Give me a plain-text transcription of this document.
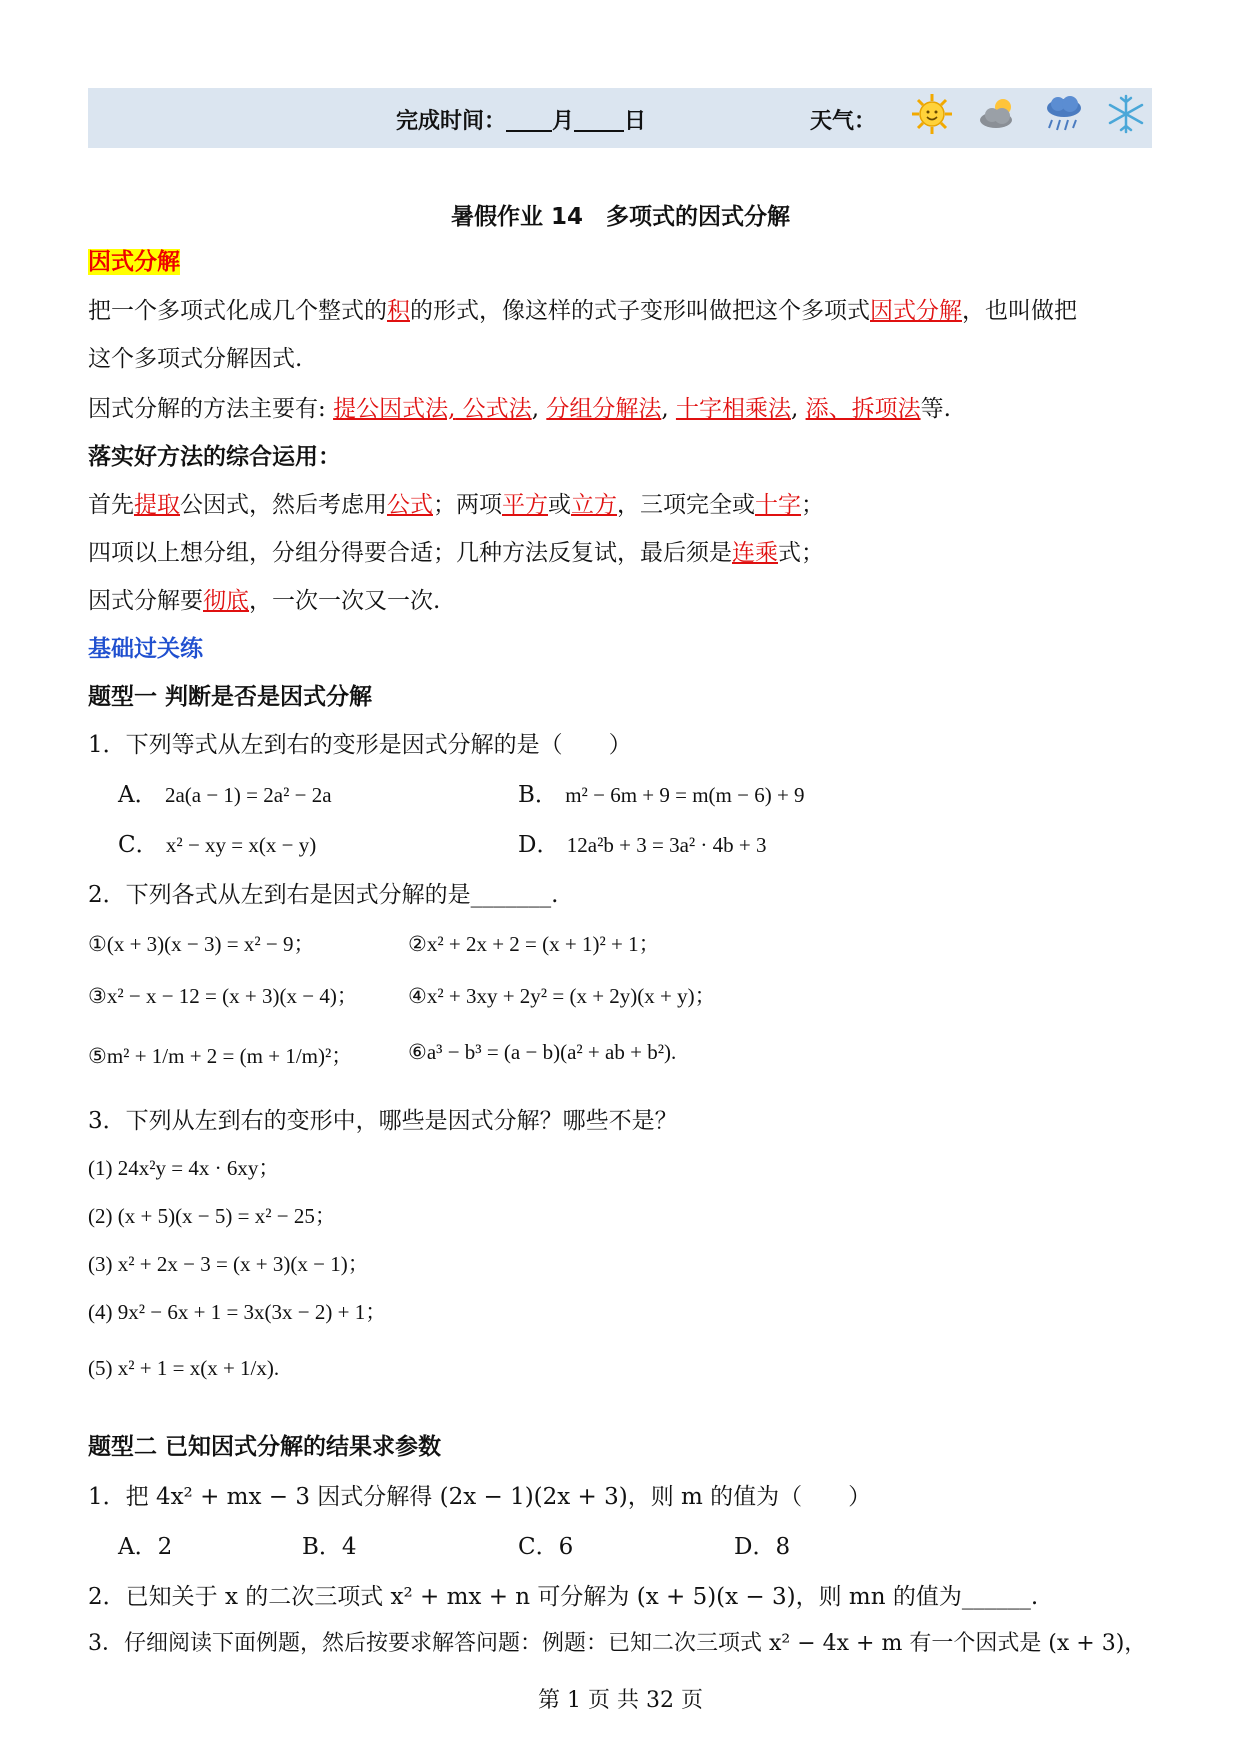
完成时间： 月 日	天气：
暑假作业 14　多项式的因式分解
因式分解
把一个多项式化成几个整式的积的形式，像这样的式子变形叫做把这个多项式因式分解，也叫做把
这个多项式分解因式.
因式分解的方法主要有: 提公因式法, 公式法, 分组分解法, 十字相乘法, 添、拆项法等.
落实好方法的综合运用：
首先提取公因式，然后考虑用公式；两项平方或立方，三项完全或十字；
四项以上想分组，分组分得要合适；几种方法反复试，最后须是连乘式；
因式分解要彻底，一次一次又一次.
基础过关练
题型一 判断是否是因式分解
1．下列等式从左到右的变形是因式分解的是（　　）
A． 2a(a − 1) = 2a² − 2a	B． m² − 6m + 9 = m(m − 6) + 9
C． x² − xy = x(x − y)	D． 12a²b + 3 = 3a² · 4b + 3
2．下列各式从左到右是因式分解的是_______.
①(x + 3)(x − 3) = x² − 9；	②x² + 2x + 2 = (x + 1)² + 1；
③x² − x − 12 = (x + 3)(x − 4)； ④x² + 3xy + 2y² = (x + 2y)(x + y)；
⑤m² + 1/m + 2 = (m + 1/m)²；	⑥a³ − b³ = (a − b)(a² + ab + b²).
3．下列从左到右的变形中，哪些是因式分解？哪些不是？
(1) 24x²y = 4x · 6xy；
(2) (x + 5)(x − 5) = x² − 25；
(3) x² + 2x − 3 = (x + 3)(x − 1)；
(4) 9x² − 6x + 1 = 3x(3x − 2) + 1；
(5) x² + 1 = x(x + 1/x).
题型二 已知因式分解的结果求参数
1．把 4x² + mx − 3 因式分解得 (2x − 1)(2x + 3)，则 m 的值为（　　）
A．2	B．4	C．6	D．8
2．已知关于 x 的二次三项式 x² + mx + n 可分解为 (x + 5)(x − 3)，则 mn 的值为______.
3．仔细阅读下面例题，然后按要求解答问题：例题：已知二次三项式 x² − 4x + m 有一个因式是 (x + 3)，
第 1 页 共 32 页
